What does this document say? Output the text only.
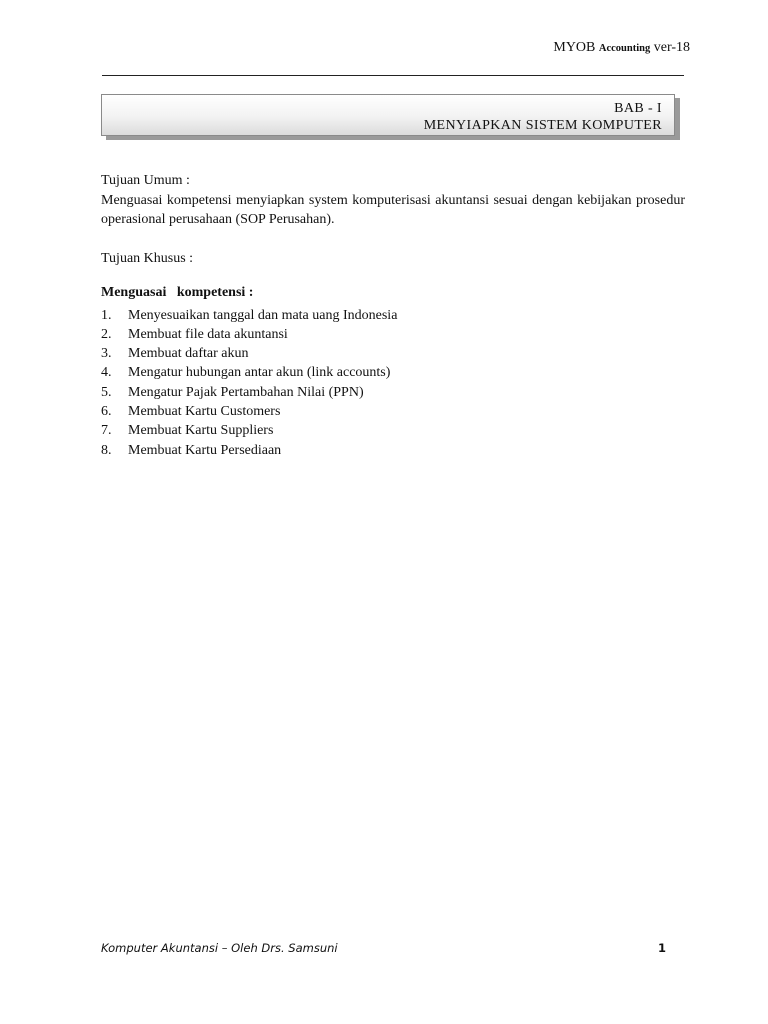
MYOB Accounting ver-18
BAB - I
MENYIAPKAN SISTEM KOMPUTER

Tujuan Umum :

Menguasai kompetensi menyiapkan system komputerisasi akuntansi sesuai dengan kebijakan prosedur operasional perusahaan (SOP Perusahan).

Tujuan Khusus :

Menguasai   kompetensi :

1.	Menyesuaikan tanggal dan mata uang Indonesia
2.	Membuat file data akuntansi
3.	Membuat daftar akun
4.	Mengatur hubungan antar akun (link accounts)
5.	Mengatur Pajak Pertambahan Nilai (PPN)
6.	Membuat Kartu Customers
7.	Membuat Kartu Suppliers
8.	Membuat Kartu Persediaan
Komputer Akuntansi – Oleh Drs. Samsuni	1
